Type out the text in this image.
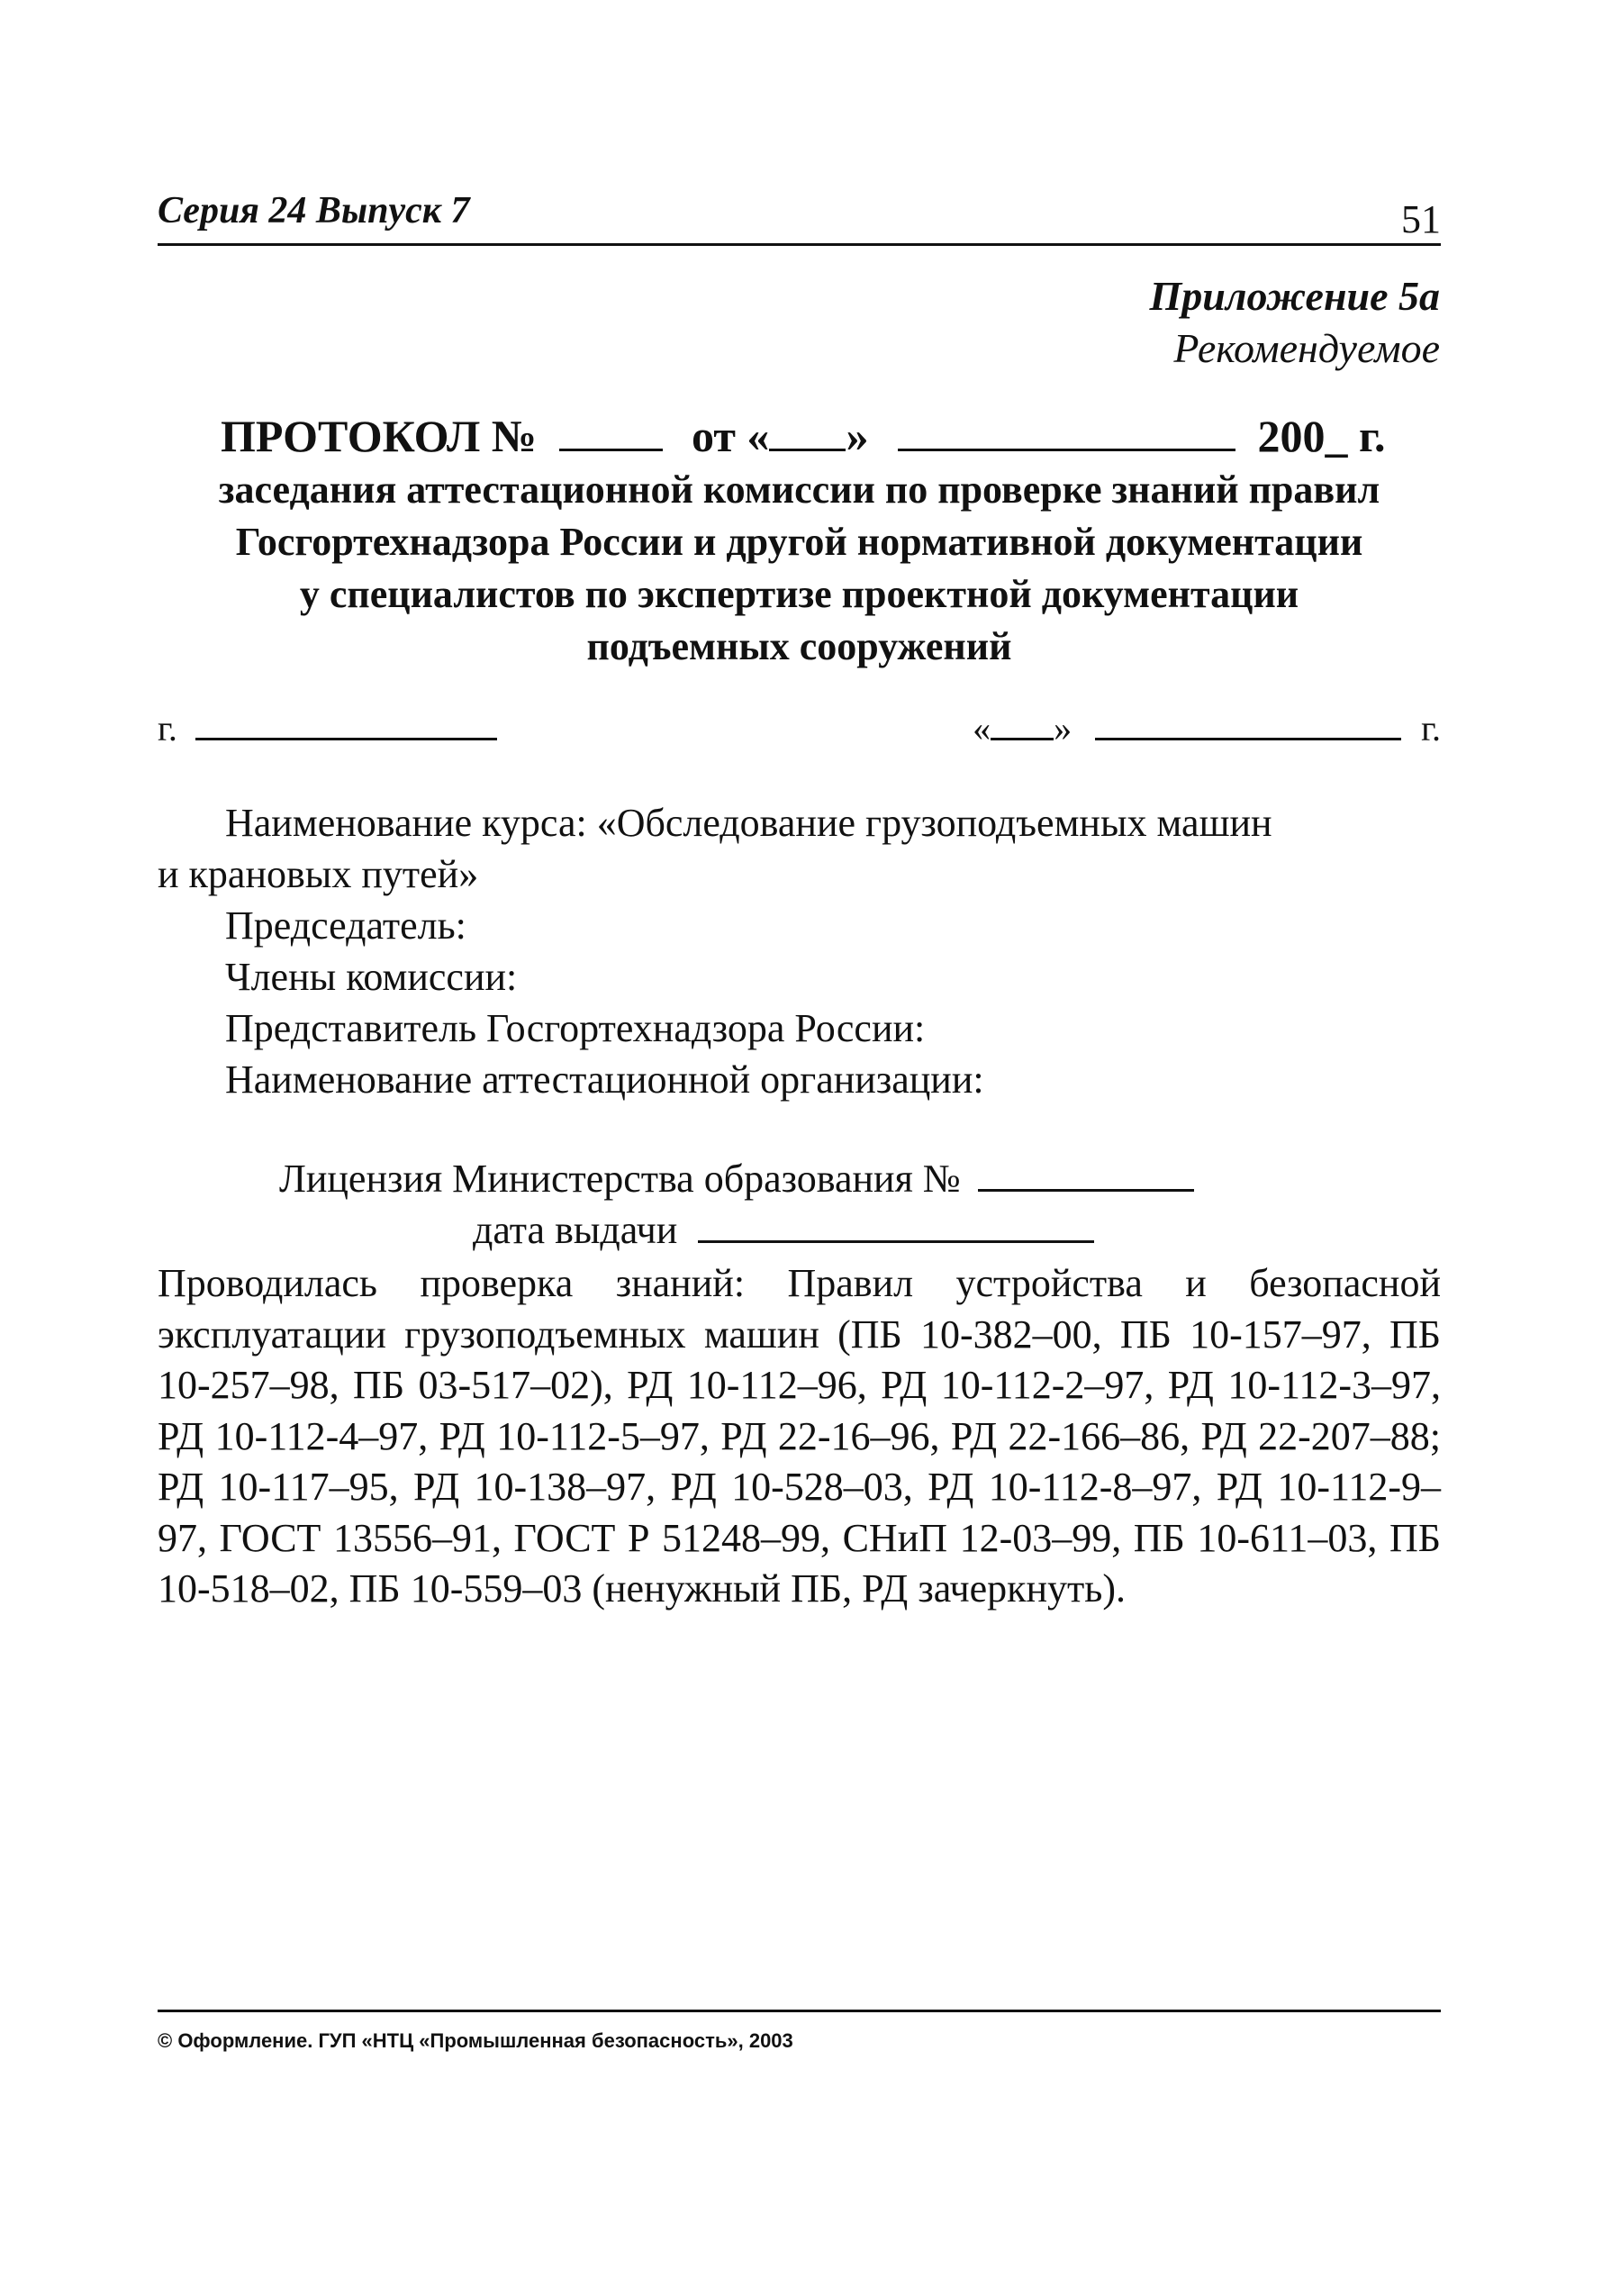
Серия 24 Выпуск 7	51
Приложение 5а
Рекомендуемое
ПРОТОКОЛ №	от « »	200_ г.
заседания аттестационной комиссии по проверке знаний правил
Госгортехнадзора России и другой нормативной документации
у специалистов по экспертизе проектной документации
подъемных сооружений
г.	« »	г.
Наименование курса: «Обследование грузоподъемных машин
и крановых путей»
Председатель:
Члены комиссии:
Представитель Госгортехнадзора России:
Наименование аттестационной организации:
Лицензия Министерства образования №
дата выдачи
Проводилась проверка знаний: Правил устройства и безопасной эксплуатации грузоподъемных машин (ПБ 10-382–00, ПБ 10-157–97, ПБ 10-257–98, ПБ 03-517–02), РД 10-112–96, РД 10-112-2–97, РД 10-112-3–97, РД 10-112-4–97, РД 10-112-5–97, РД 22-16–96, РД 22-166–86, РД 22-207–88; РД 10-117–95, РД 10-138–97, РД 10-528–03, РД 10-112-8–97, РД 10-112-9–97, ГОСТ 13556–91, ГОСТ Р 51248–99, СНиП 12-03–99, ПБ 10-611–03, ПБ 10-518–02, ПБ 10-559–03 (ненужный ПБ, РД зачеркнуть).
© Оформление. ГУП «НТЦ «Промышленная безопасность», 2003
